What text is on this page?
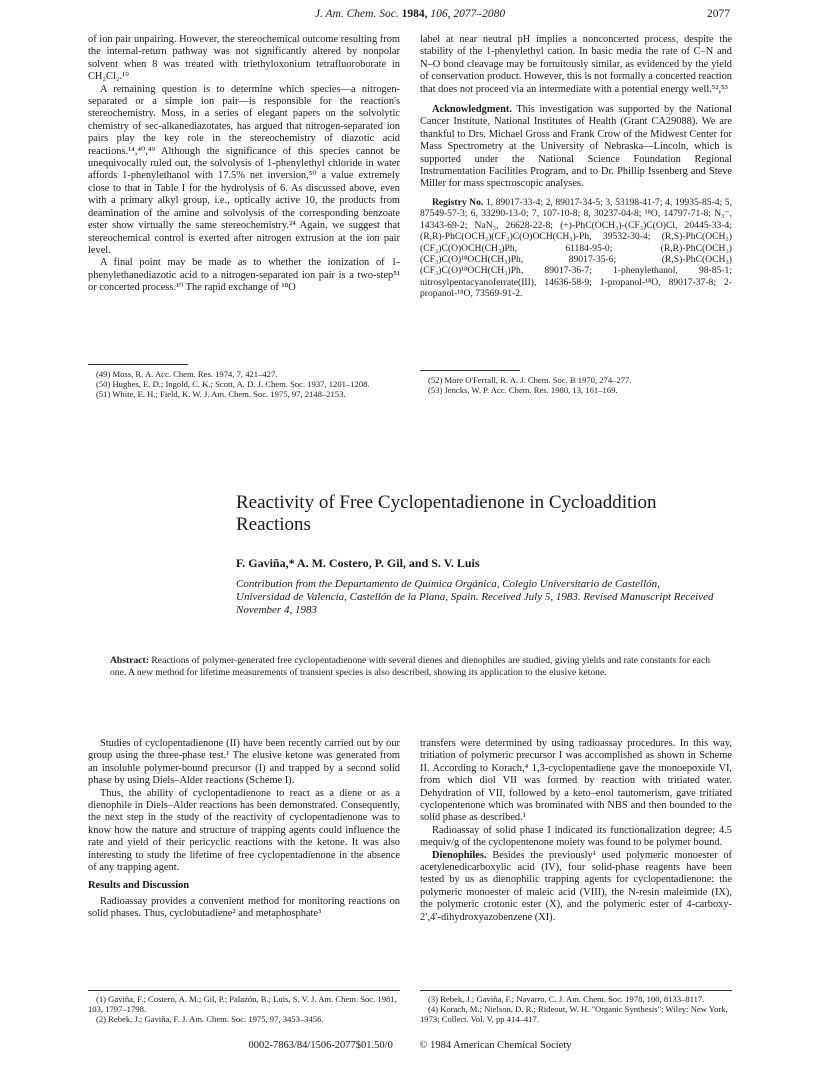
J. Am. Chem. Soc. 1984, 106, 2077–2080	2077

of ion pair unpairing. However, the stereochemical outcome resulting from the internal-return pathway was not significantly altered by nonpolar solvent when 8 was treated with triethyloxonium tetrafluoroborate in CH₂Cl₂.¹⁹

A remaining question is to determine which species—a nitrogen-separated or a simple ion pair—is responsible for the reaction's stereochemistry. Moss, in a series of elegant papers on the solvolytic chemistry of sec-alkanediazotates, has argued that nitrogen-separated ion pairs play the key role in the stereochemistry of diazotic acid reactions.¹⁴,⁴⁰,⁴⁹ Although the significance of this species cannot be unequivocally ruled out, the solvolysis of 1-phenylethyl chloride in water affords 1-phenylethanol with 17.5% net inversion,⁵⁰ a value extremely close to that in Table I for the hydrolysis of 6. As discussed above, even with a primary alkyl group, i.e., optically active 10, the products from deamination of the amine and solvolysis of the corresponding benzoate ester show virtually the same stereochemistry.²⁴ Again, we suggest that stereochemical control is exerted after nitrogen extrusion at the ion pair level.

A final point may be made as to whether the ionization of 1-phenylethanediazotic acid to a nitrogen-separated ion pair is a two-step⁵¹ or concerted process.¹⁰ The rapid exchange of ¹⁸O

(49) Moss, R. A. Acc. Chem. Res. 1974, 7, 421–427.

(50) Hughes, E. D.; Ingold, C. K.; Scott, A. D. J. Chem. Soc. 1937, 1201–1208.

(51) White, E. H.; Field, K. W. J. Am. Chem. Soc. 1975, 97, 2148–2153.

label at near neutral pH implies a nonconcerted process, despite the stability of the 1-phenylethyl cation. In basic media the rate of C–N and N–O bond cleavage may be fortuitously similar, as evidenced by the yield of conservation product. However, this is not formally a concerted reaction that does not proceed via an intermediate with a potential energy well.⁵²,⁵³

Acknowledgment. This investigation was supported by the National Cancer Institute, National Institutes of Health (Grant CA29088). We are thankful to Drs. Michael Gross and Frank Crow of the Midwest Center for Mass Spectrometry at the University of Nebraska—Lincoln, which is supported under the National Science Foundation Regional Instrumentation Facilities Program, and to Dr. Phillip Issenberg and Steve Miller for mass spectroscopic analyses.

Registry No. 1, 89017-33-4; 2, 89017-34-5; 3, 53198-41-7; 4, 19935-85-4; 5, 87549-57-3; 6, 33290-13-0; 7, 107-10-8; 8, 30237-04-8; ¹⁸O, 14797-71-8; N₃⁻, 14343-69-2; NaN₃, 26628-22-8; (+)-PhC(OCH₃)-(CF₃)C(O)Cl, 20445-33-4; (R,R)-PhC(OCH₃)(CF₃)C(O)OCH(CH₃)-Ph, 39532-30-4; (R,S)-PhC(OCH₃)(CF₃)C(O)OCH(CH₃)Ph, 61184-95-0; (R,R)-PhC(OCH₃)(CF₃)C(O)¹⁸OCH(CH₃)Ph, 89017-35-6; (R,S)-PhC(OCH₃)(CF₃)C(O)¹⁸OCH(CH₃)Ph, 89017-36-7; 1-phenylethanol, 98-85-1; nitrosylpentacyanoferrate(III), 14636-58-9; 1-propanol-¹⁸O, 89017-37-8; 2-propanol-¹⁸O, 73569-91-2.

(52) More O'Ferrall, R. A. J. Chem. Soc. B 1970, 274–277.

(53) Jencks, W. P. Acc. Chem. Res. 1980, 13, 161–169.

Reactivity of Free Cyclopentadienone in Cycloaddition Reactions
F. Gaviña,* A. M. Costero, P. Gil, and S. V. Luis
Contribution from the Departamento de Química Orgánica, Colegio Universitario de Castellón, Universidad de Valencia, Castellón de la Plana, Spain. Received July 5, 1983. Revised Manuscript Received November 4, 1983
Abstract: Reactions of polymer-generated free cyclopentadienone with several dienes and dienophiles are studied, giving yields and rate constants for each one. A new method for lifetime measurements of transient species is also described, showing its application to the elusive ketone.

Studies of cyclopentadienone (II) have been recently carried out by our group using the three-phase test.¹ The elusive ketone was generated from an insoluble polymer-bound precursor (I) and trapped by a second solid phase by using Diels–Alder reactions (Scheme I).

Thus, the ability of cyclopentadienone to react as a diene or as a dienophile in Diels–Alder reactions has been demonstrated. Consequently, the next step in the study of the reactivity of cyclopentadienone was to know how the nature and structure of trapping agents could influence the rate and yield of their pericyclic reactions with the ketone. It was also interesting to study the lifetime of free cyclopentadienone in the absence of any trapping agent.

Results and Discussion

Radioassay provides a convenient method for monitoring reactions on solid phases. Thus, cyclobutadiene² and metaphosphate³

(1) Gaviña, F.; Costero, A. M.; Gil, P.; Palazón, B.; Luis, S. V. J. Am. Chem. Soc. 1981, 103, 1797–1798.

(2) Rebek, J.; Gaviña, F. J. Am. Chem. Soc. 1975, 97, 3453–3456.

transfers were determined by using radioassay procedures. In this way, tritiation of polymeric precursor I was accomplished as shown in Scheme II. According to Korach,⁴ 1,3-cyclopentadiene gave the monoepoxide VI, from which diol VII was formed by reaction with tritiated water. Dehydration of VII, followed by a keto–enol tautomerism, gave tritiated cyclopentenone which was brominated with NBS and then bounded to the solid phase as described.¹

Radioassay of solid phase I indicated its functionalization degree; 4.5 mequiv/g of the cyclopentenone moiety was found to be polymer bound.

Dienophiles. Besides the previously¹ used polymeric monoester of acetylenedicarboxylic acid (IV), four solid-phase reagents have been tested by us as dienophilic trapping agents for cyclopentadienone: the polymeric monoester of maleic acid (VIII), the N-resin maleimide (IX), the polymeric crotonic ester (X), and the polymeric ester of 4-carboxy-2′,4′-dihydroxyazobenzene (XI).

(3) Rebek, J.; Gaviña, F.; Navarro, C. J. Am. Chem. Soc. 1978, 100, 8133–8117.

(4) Korach, M.; Nielson, D. R.; Rideout, W. H. "Organic Synthesis"; Wiley: New York, 1973; Collect. Vol. V, pp 414–417.

0002-7863/84/1506-2077$01.50/0	© 1984 American Chemical Society
